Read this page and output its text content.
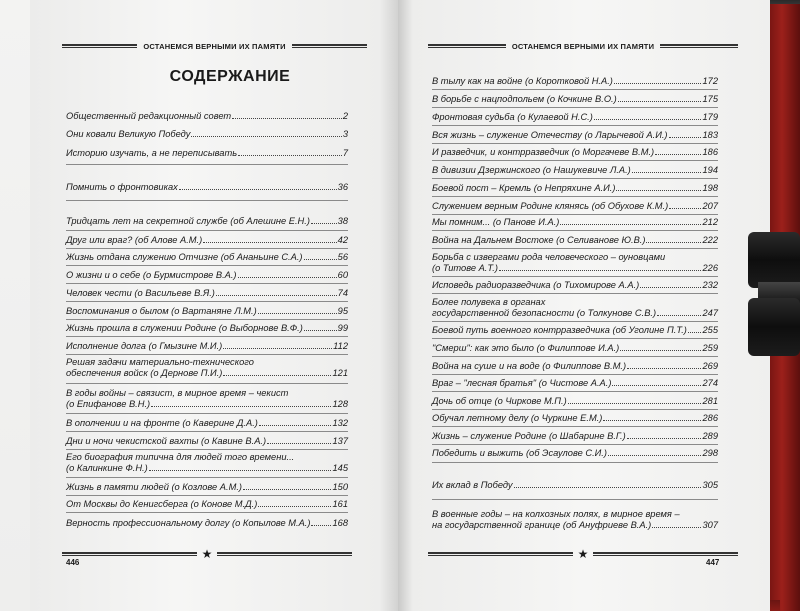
ОСТАНЕМСЯ ВЕРНЫМИ ИХ ПАМЯТИ
СОДЕРЖАНИЕ
Общественный редакционный совет	2
Они ковали Великую Победу	3
Историю изучать, а не переписывать	7
Помнить о фронтовиках	36
Тридцать лет на секретной службе (об Алешине Е.Н.)	38
Друг или враг? (об Алове А.М.)	42
Жизнь отдана служению Отчизне (об Ананьине С.А.)	56
О жизни и о себе (о Бурмистрове В.А.)	60
Человек чести (о Васильеве В.Я.)	74
Воспоминания о былом (о Вартаняне Л.М.)	95
Жизнь прошла в служении Родине (о Выборнове В.Ф.)	99
Исполнение долга (о Гмызине М.И.)	112
Решая задачи материально-технического
обеспечения войск (о Дернове П.И.)	121
В годы войны – связист, в мирное время – чекист
(о Епифанове В.Н.)	128
В ополчении и на фронте (о Каверине Д.А.)	132
Дни и ночи чекистской вахты (о Кавине В.А.)	137
Его биография типична для людей того времени...
(о Калинкине Ф.Н.)	145
Жизнь в памяти людей (о Козлове А.М.)	150
От Москвы до Кенигсберга (о Конове М.Д.)	161
Верность профессиональному долгу (о Копылове М.А.) 168
★
446
ОСТАНЕМСЯ ВЕРНЫМИ ИХ ПАМЯТИ
В тылу как на войне (о Коротковой Н.А.)	172
В борьбе с нацподпольем (о Кочкине В.О.)	175
Фронтовая судьба (о Кулаевой Н.С.)	179
Вся жизнь – служение Отечеству (о Ларычевой А.И.)	183
И разведчик, и контрразведчик (о Моргачеве В.М.)	186
В дивизии Дзержинского (о Нашукевиче Л.А.)	194
Боевой пост – Кремль (о Непряхине А.И.)	198
Служением верным Родине клянясь (об Обухове К.М.)	207
Мы помним... (о Панове И.А.)	212
Война на Дальнем Востоке (о Селиванове Ю.В.)	222
Борьба с извергами рода человеческого – оуновцами
(о Титове А.Т.)	226
Исповедь радиоразведчика (о Тихомирове А.А.)	232
Более полувека в органах
государственной безопасности (о Толкунове С.В.)	247
Боевой путь военного контрразведчика (об Уголине П.Т.) 255
"Смерш": как это было (о Филиппове И.А.)	259
Война на суше и на воде (о Филиппове В.М.)	269
Враг – "лесная братья" (о Чистове А.А.)	274
Дочь об отце (о Чиркове М.П.)	281
Обучал летному делу (о Чуркине Е.М.)	286
Жизнь – служение Родине (о Шабарине В.Г.)	289
Победить и выжить (об Эсаулове С.И.)	298
Их вклад в Победу	305
В военные годы – на колхозных полях, в мирное время –
на государственной границе (об Ануфриеве В.А.)	307
★
447
